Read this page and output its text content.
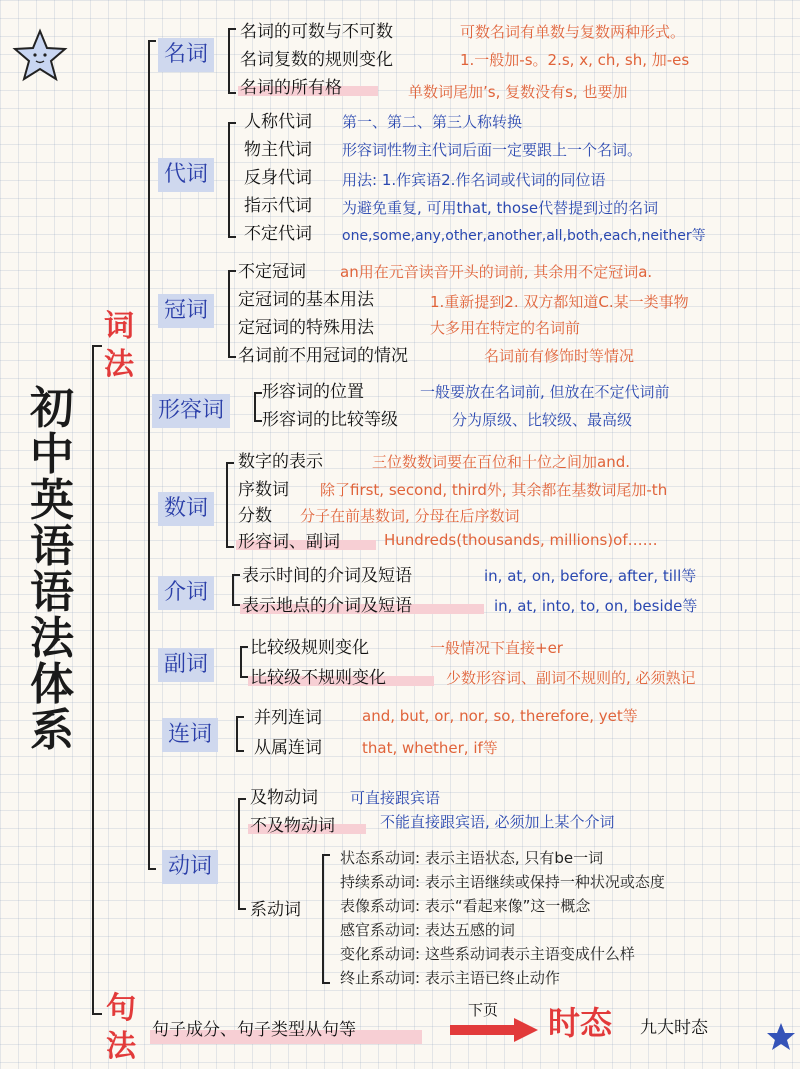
初
中
英
语
语
法
体
系
词
法
名词
名词的可数与不可数	可数名词有单数与复数两种形式。
名词复数的规则变化	1.一般加-s。2.s, x, ch, sh, 加-es
名词的所有格	单数词尾加’s, 复数没有s, 也要加
代词
人称代词 第一、第二、第三人称转换
物主代词 形容词性物主代词后面一定要跟上一个名词。
反身代词 用法: 1.作宾语2.作名词或代词的同位语
指示代词 为避免重复, 可用that, those代替提到过的名词
不定代词 one,some,any,other,another,all,both,each,neither等
冠词
不定冠词 an用在元音读音开头的词前, 其余用不定冠词a.
定冠词的基本用法	1.重新提到2. 双方都知道C.某一类事物
定冠词的特殊用法	大多用在特定的名词前
名词前不用冠词的情况	名词前有修饰时等情况
形容词
形容词的位置	一般要放在名词前, 但放在不定代词前
形容词的比较等级	分为原级、比较级、最高级
数词
数字的表示	三位数数词要在百位和十位之间加and.
序数词 除了first, second, third外, 其余都在基数词尾加-th
分数 分子在前基数词, 分母在后序数词
形容词、副词	Hundreds(thousands, millions)of……
介词
表示时间的介词及短语	in, at, on, before, after, till等
表示地点的介词及短语	in, at, into, to, on, beside等
副词
比较级规则变化	一般情况下直接+er
比较级不规则变化	少数形容词、副词不规则的, 必须熟记
连词
并列连词	and, but, or, nor, so, therefore, yet等
从属连词	that, whether, if等
动词
及物动词 可直接跟宾语
不及物动词	不能直接跟宾语, 必须加上某个介词
系动词
状态系动词: 表示主语状态, 只有be一词
持续系动词: 表示主语继续或保持一种状况或态度
表像系动词: 表示“看起来像”这一概念
感官系动词: 表达五感的词
变化系动词: 这些系动词表示主语变成什么样
终止系动词: 表示主语已终止动作
句
法 句子成分、句子类型从句等
下页 时态 九大时态
